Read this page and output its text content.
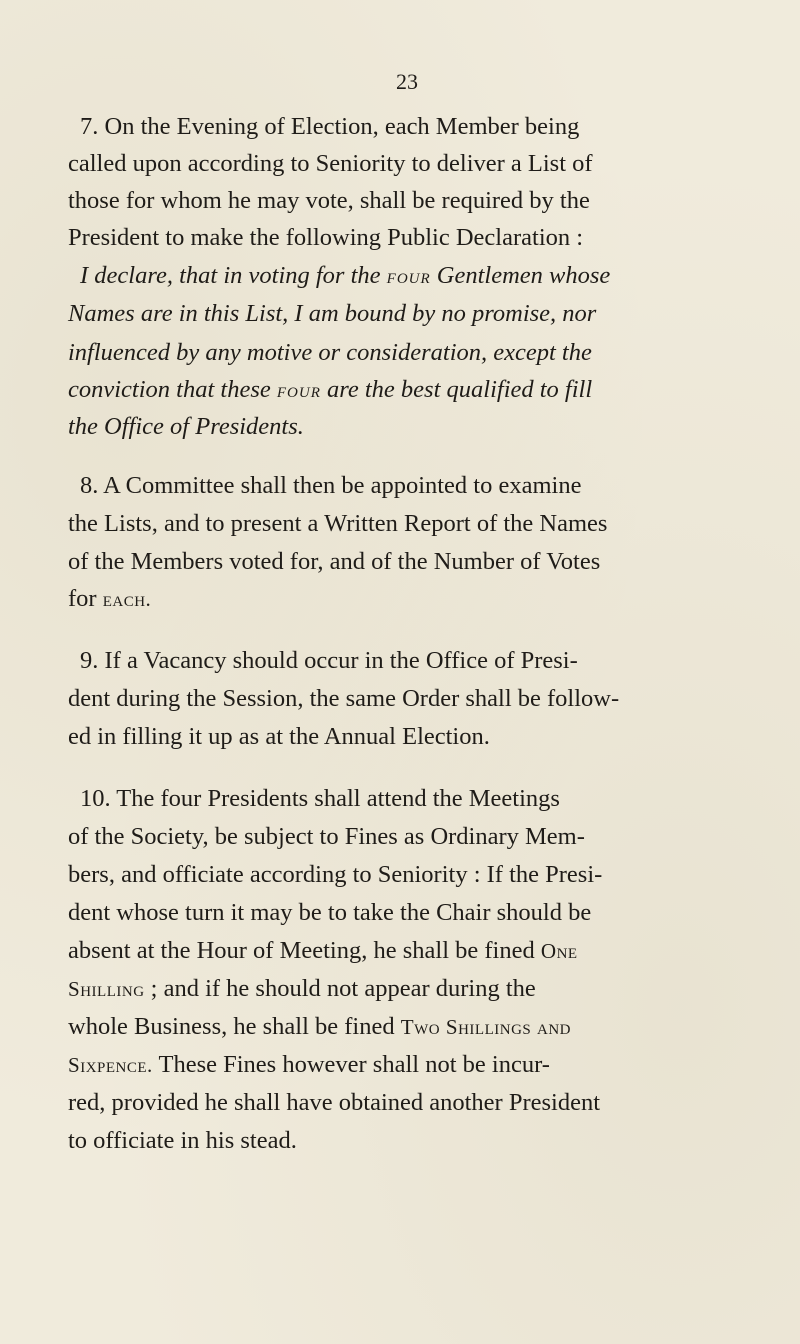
23
7. On the Evening of Election, each Member being
called upon according to Seniority to deliver a List of
those for whom he may vote, shall be required by the
President to make the following Public Declaration :
I declare, that in voting for the four Gentlemen whose
Names are in this List, I am bound by no promise, nor
influenced by any motive or consideration, except the
conviction that these four are the best qualified to fill
the Office of Presidents.
8. A Committee shall then be appointed to examine
the Lists, and to present a Written Report of the Names
of the Members voted for, and of the Number of Votes
for each.
9. If a Vacancy should occur in the Office of Presi-
dent during the Session, the same Order shall be follow-
ed in filling it up as at the Annual Election.
10. The four Presidents shall attend the Meetings
of the Society, be subject to Fines as Ordinary Mem-
bers, and officiate according to Seniority : If the Presi-
dent whose turn it may be to take the Chair should be
absent at the Hour of Meeting, he shall be fined One
Shilling ; and if he should not appear during the
whole Business, he shall be fined Two Shillings and
Sixpence. These Fines however shall not be incur-
red, provided he shall have obtained another President
to officiate in his stead.
